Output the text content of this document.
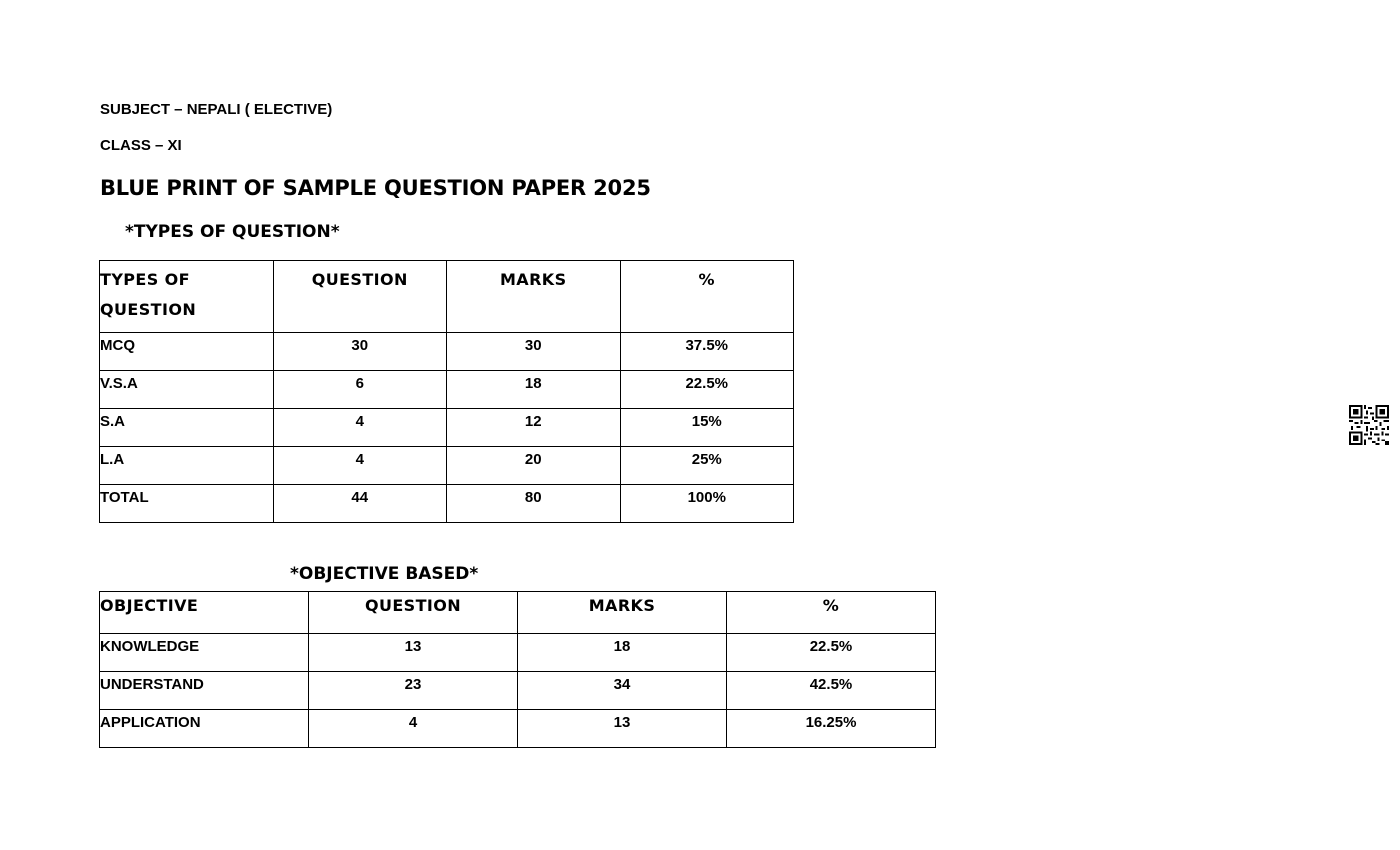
SUBJECT – NEPALI ( ELECTIVE)
CLASS – XI
BLUE PRINT OF SAMPLE QUESTION PAPER 2025
*TYPES OF QUESTION*
TYPES OF QUESTION	QUESTION	MARKS	%
MCQ	30	30	37.5%
V.S.A	6	18	22.5%
S.A	4	12	15%
L.A	4	20	25%
TOTAL	44	80	100%
*OBJECTIVE BASED*
OBJECTIVE	QUESTION	MARKS	%
KNOWLEDGE	13	18	22.5%
UNDERSTAND	23	34	42.5%
APPLICATION	4	13	16.25%
